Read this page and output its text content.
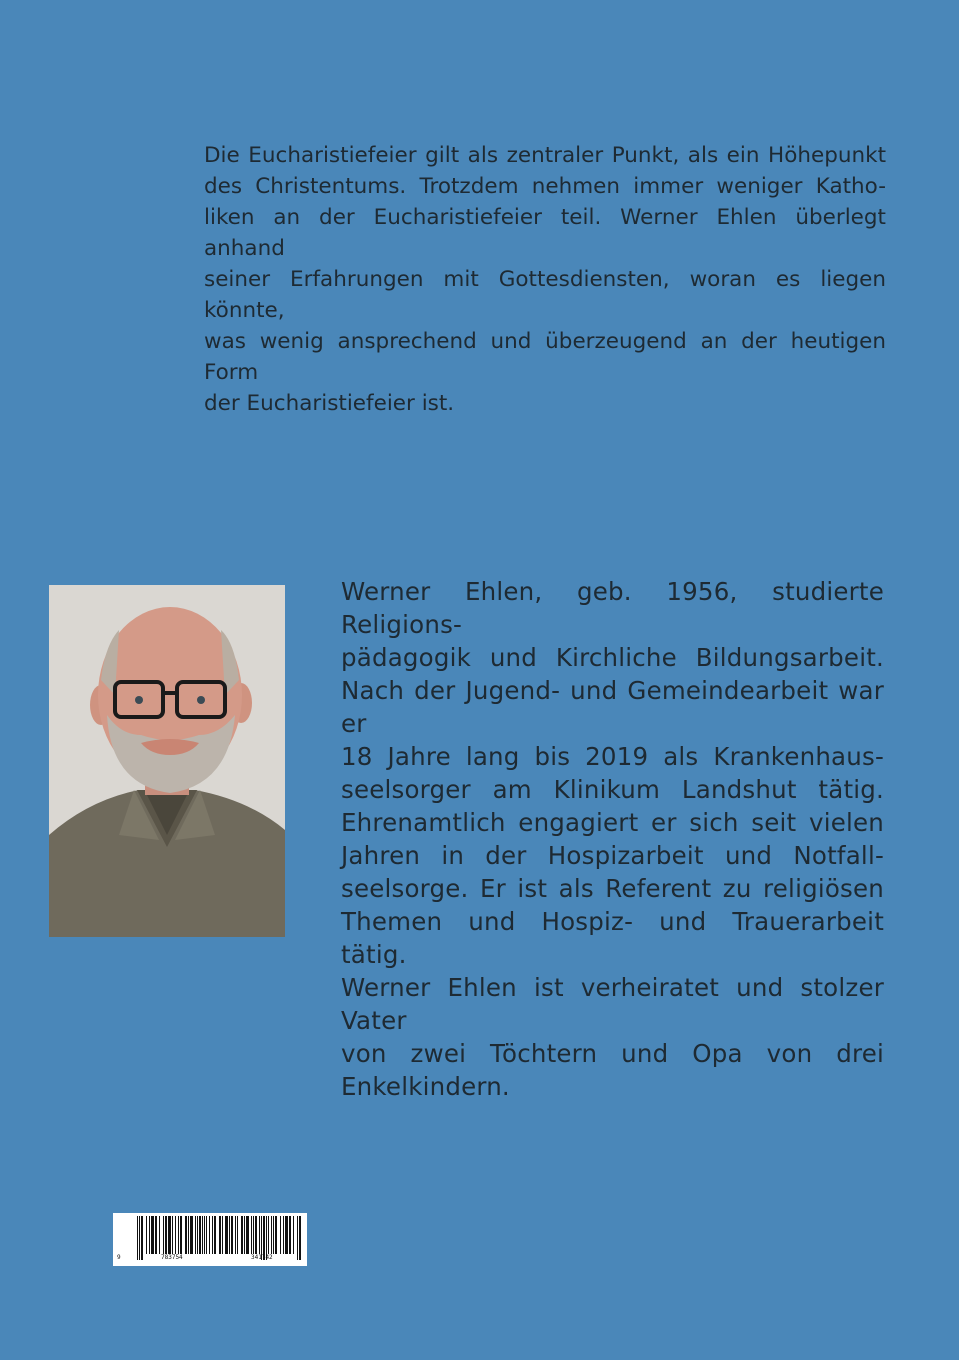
Die Eucharistiefeier gilt als zentraler Punkt, als ein Höhepunkt
des Christentums. Trotzdem nehmen immer weniger Katho-
liken an der Eucharistiefeier teil. Werner Ehlen überlegt anhand
seiner Erfahrungen mit Gottesdiensten, woran es liegen könnte,
was wenig ansprechend und überzeugend an der heutigen Form
der Eucharistiefeier ist.
Werner Ehlen, geb. 1956, studierte Religions-
pädagogik und Kirchliche Bildungsarbeit.
Nach der Jugend- und Gemeindearbeit war er
18 Jahre lang bis 2019 als Krankenhaus-
seelsorger am Klinikum Landshut tätig.
Ehrenamtlich engagiert er sich seit vielen
Jahren in der Hospizarbeit und Notfall-
seelsorge. Er ist als Referent zu religiösen
Themen und Hospiz- und Trauerarbeit tätig.
Werner Ehlen ist verheiratet und stolzer Vater
von zwei Töchtern und Opa von drei
Enkelkindern.
9	783754	341742
